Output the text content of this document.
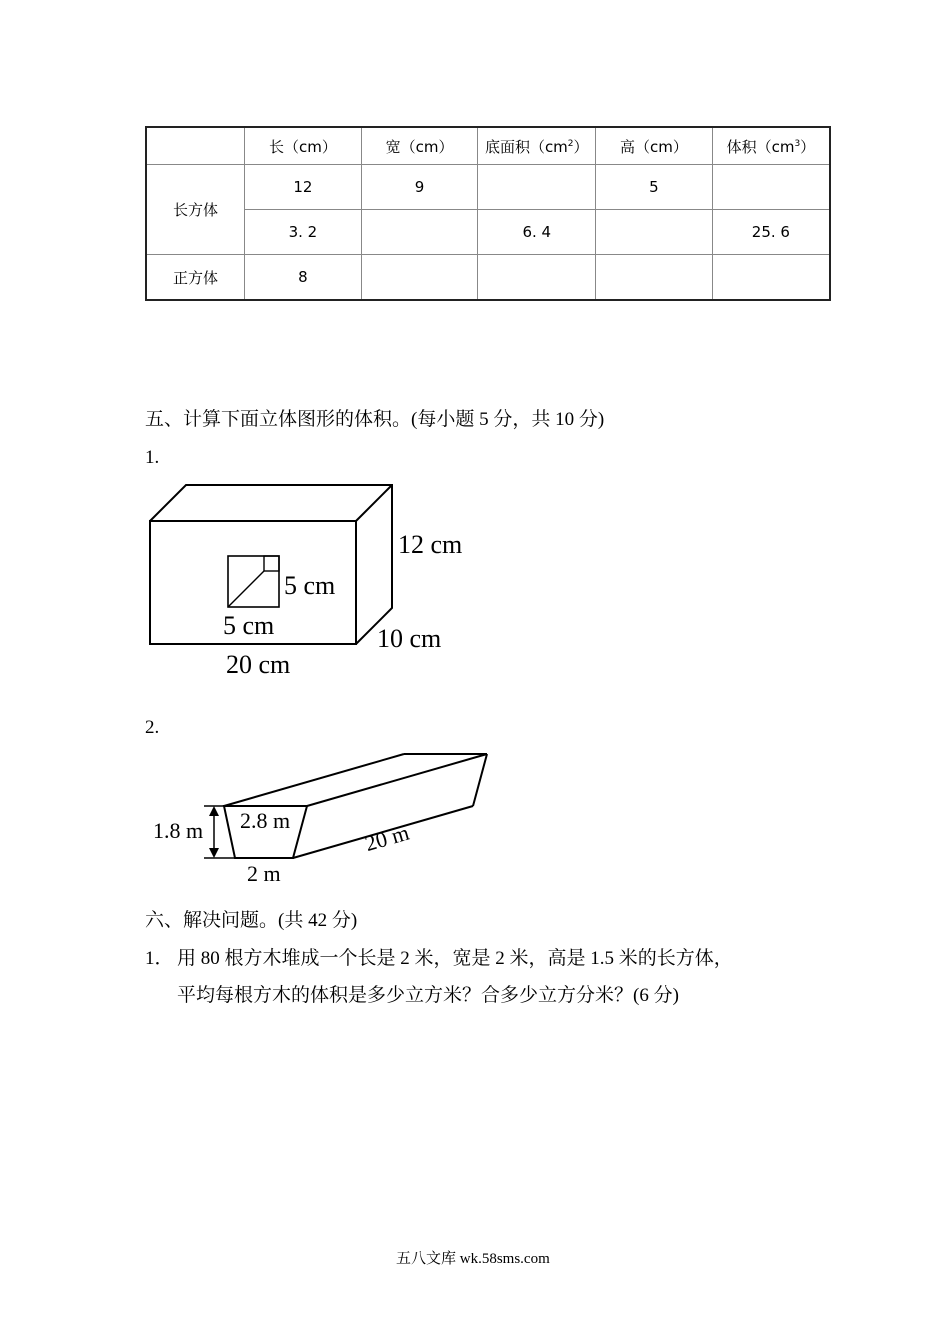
	长（cm）	宽（cm）	底面积$(cm^2)$	高（cm）	体积$(cm^3)$
长方体	12	9		5	
	3. 2		6. 4		25. 6
正方体	8				
五、计算下面立体图形的体积。(每小题 5 分，共 10 分)
1.
12 cm
5 cm
5 cm	10 cm
20 cm
2.
1.8 m 2.8 m
2 m
20 m
六、解决问题。(共 42 分)
1． 用 80 根方木堆成一个长是 2 米，宽是 2 米，高是 1.5 米的长方体，
平均每根方木的体积是多少立方米？合多少立方分米？(6 分)
五八文库 wk.58sms.com
